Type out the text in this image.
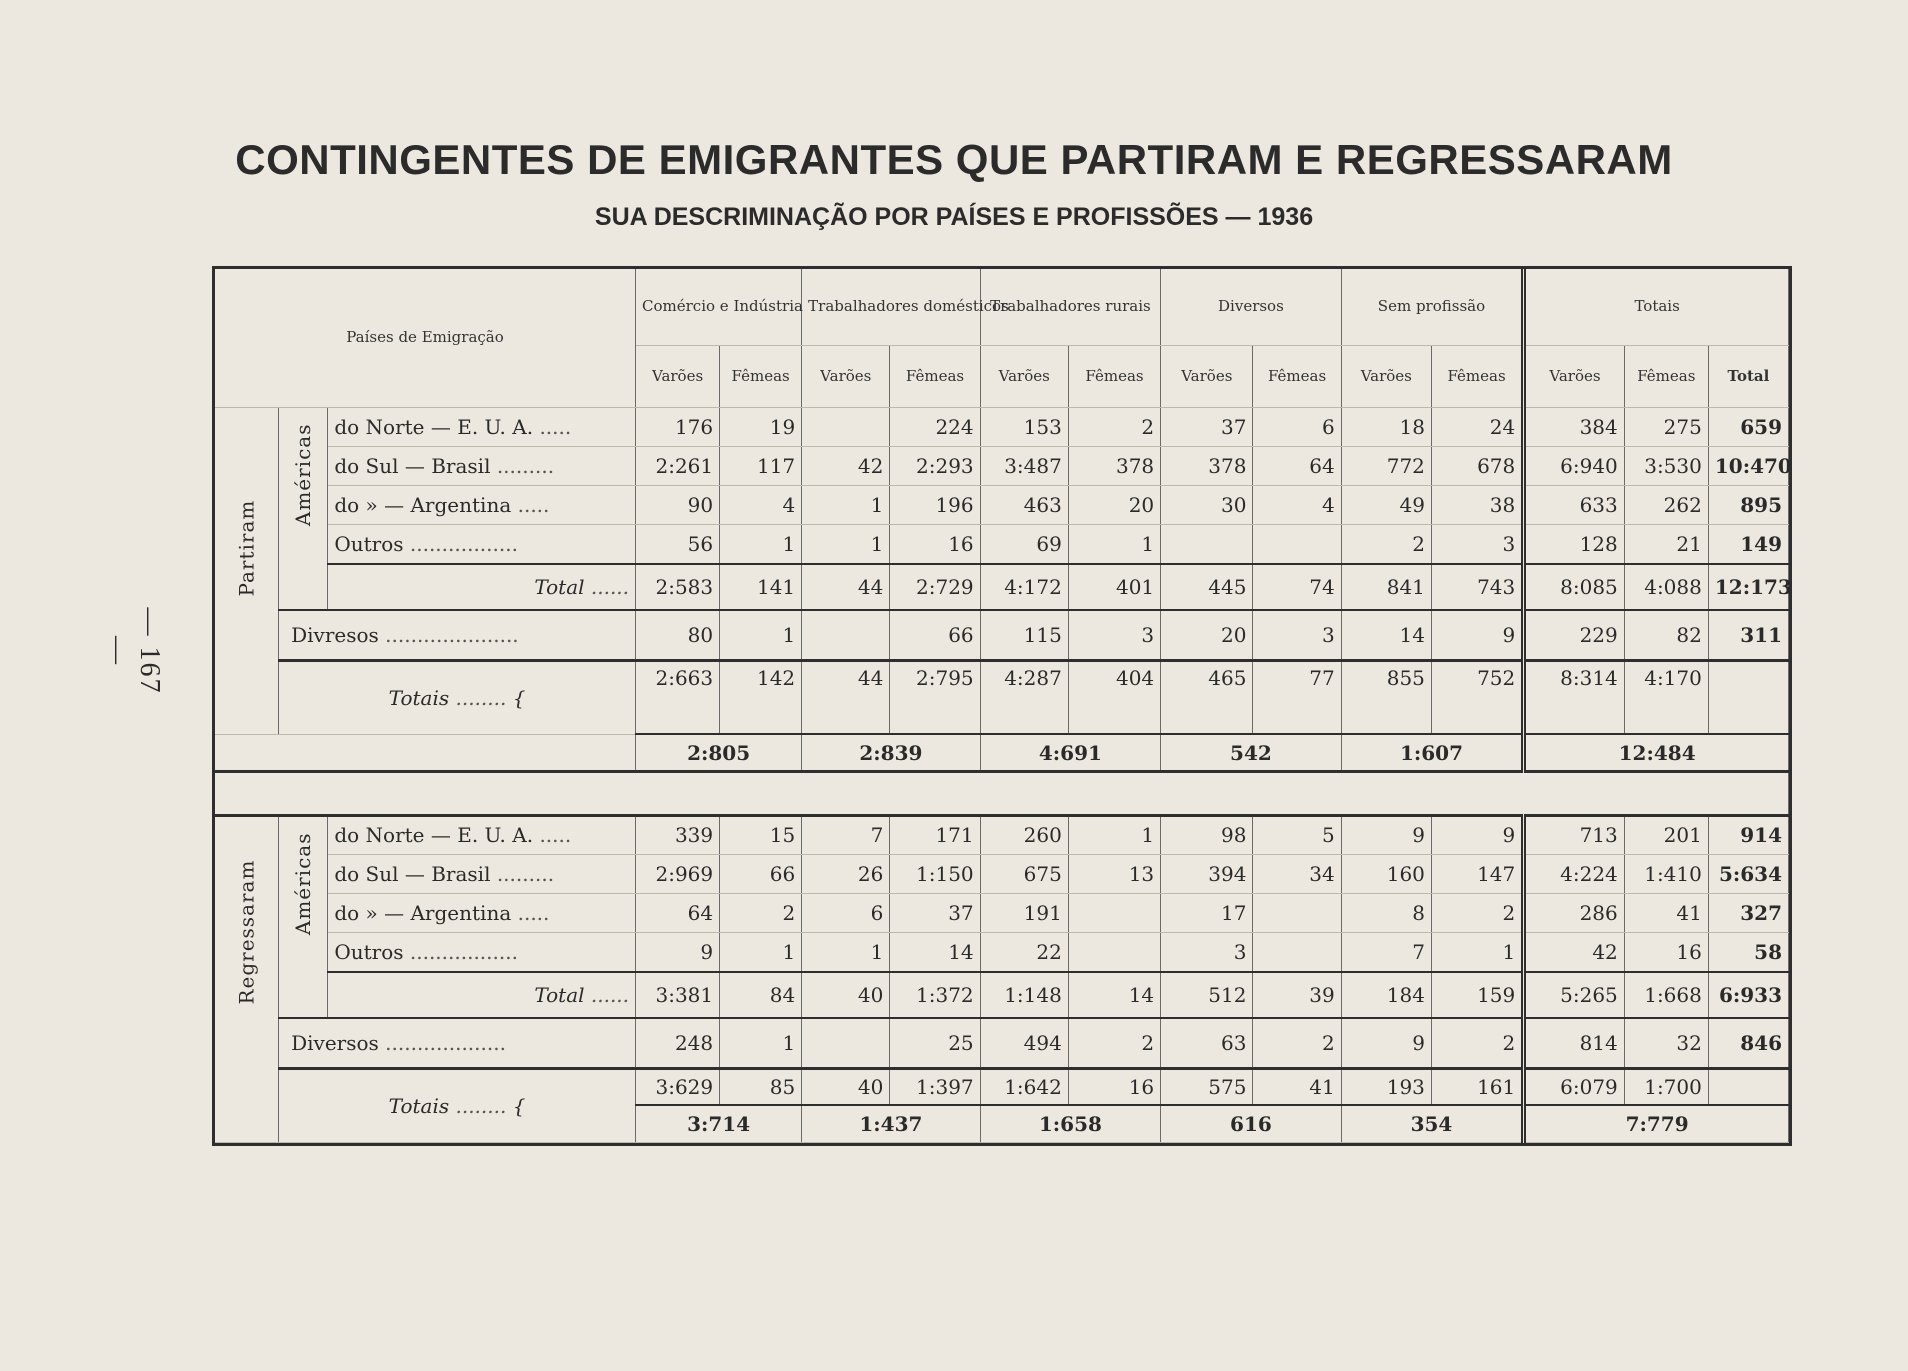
— 167 —
CONTINGENTES DE EMIGRANTES QUE PARTIRAM E REGRESSARAM
SUA DESCRIMINAÇÃO POR PAÍSES E PROFISSÕES — 1936
Países de Emigração			Comércio e Indústria		Trabalhadores domésticos		Trabalhadores rurais		Diversos		Sem profissão		Totais		
			Varões	Fêmeas	Varões	Fêmeas	Varões	Fêmeas	Varões	Fêmeas	Varões	Fêmeas	Varões	Fêmeas	Total

Partiram	Américas	do Norte — E. U. A. .....	176	19		224	153	2	37	6	18	24	384	275	659
		do Sul — Brasil .........	2:261	117	42	2:293	3:487	378	378	64	772	678	6:940	3:530	10:470
		do » — Argentina .....	90	4	1	196	463	20	30	4	49	38	633	262	895
		Outros .................	56	1	1	16	69	1			2	3	128	21	149
		Total ......	2:583	141	44	2:729	4:172	401	445	74	841	743	8:085	4:088	12:173
	Divresos .....................		80	1		66	115	3	20	3	14	9	229	82	311
	Totais ........ {		2:663	142	44	2:795	4:287	404	465	77	855	752	8:314	4:170	
			2:805		2:839		4:691		542		1:607		12:484		

Regressaram	Américas	do Norte — E. U. A. .....	339	15	7	171	260	1	98	5	9	9	713	201	914
		do Sul — Brasil .........	2:969	66	26	1:150	675	13	394	34	160	147	4:224	1:410	5:634
		do » — Argentina .....	64	2	6	37	191		17		8	2	286	41	327
		Outros .................	9	1	1	14	22		3		7	1	42	16	58
		Total ......	3:381	84	40	1:372	1:148	14	512	39	184	159	5:265	1:668	6:933
	Diversos ...................		248	1		25	494	2	63	2	9	2	814	32	846
	Totais ........ {		3:629	85	40	1:397	1:642	16	575	41	193	161	6:079	1:700	
			3:714		1:437		1:658		616		354		7:779		
